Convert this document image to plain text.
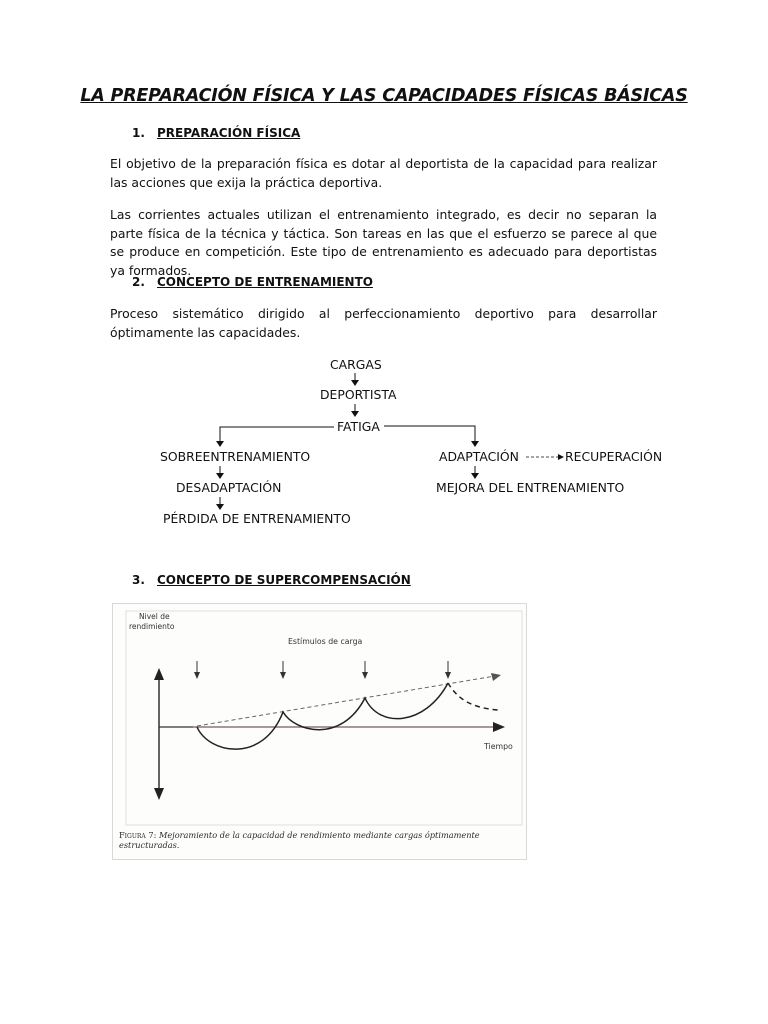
LA PREPARACIÓN FÍSICA Y LAS CAPACIDADES FÍSICAS BÁSICAS
1. PREPARACIÓN FÍSICA

El objetivo de la preparación física es dotar al deportista de la capacidad para realizar las acciones que exija la práctica deportiva.

Las corrientes actuales utilizan el entrenamiento integrado, es decir no separan la parte física de la técnica y táctica. Son tareas en las que el esfuerzo se parece al que se produce en competición. Este tipo de entrenamiento es adecuado para deportistas ya formados.

2. CONCEPTO DE ENTRENAMIENTO

Proceso sistemático dirigido al perfeccionamiento deportivo para desarrollar óptimamente las capacidades.

CARGAS
DEPORTISTA
FATIGA
SOBREENTRENAMIENTO	ADAPTACIÓN	RECUPERACIÓN
DESADAPTACIÓN	MEJORA DEL ENTRENAMIENTO
PÉRDIDA DE ENTRENAMIENTO
3. CONCEPTO DE SUPERCOMPENSACIÓN
Nivel de
rendimiento
Estímulos de carga
Tiempo
Figura 7: Mejoramiento de la capacidad de rendimiento mediante cargas óptimamente estructuradas.
